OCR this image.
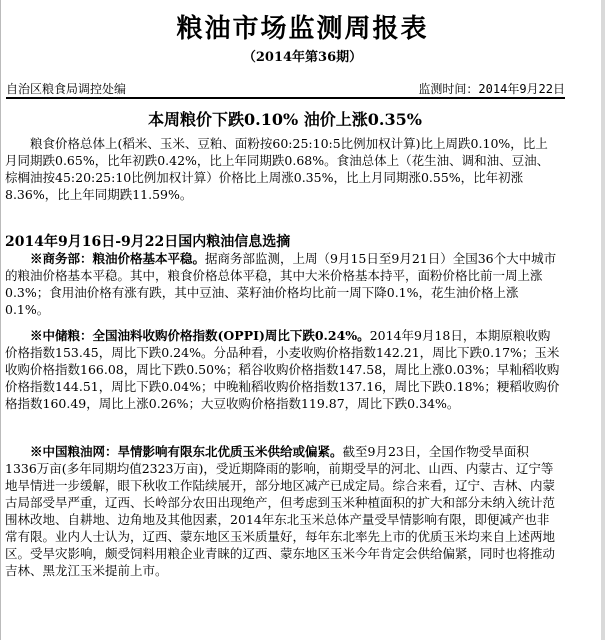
粮油市场监测周报表
（2014年第36期）
自治区粮食局调控处编	监测时间：2014年9月22日
本周粮价下跌0.10% 油价上涨0.35%
粮食价格总体上(稻米、玉米、豆粕、面粉按60:25:10:5比例加权计算)比上周跌0.10%，比上月同期跌0.65%，比年初跌0.42%，比上年同期跌0.68%。食油总体上（花生油、调和油、豆油、棕榈油按45:20:25:10比例加权计算）价格比上周涨0.35%，比上月同期涨0.55%，比年初涨8.36%，比上年同期跌11.59%。
2014年9月16日-9月22日国内粮油信息选摘
※商务部：粮油价格基本平稳。据商务部监测，上周（9月15日至9月21日）全国36个大中城市的粮油价格基本平稳。其中，粮食价格总体平稳，其中大米价格基本持平，面粉价格比前一周上涨0.3%；食用油价格有涨有跌，其中豆油、菜籽油价格均比前一周下降0.1%，花生油价格上涨0.1%。
※中储粮：全国油料收购价格指数(OPPI)周比下跌0.24%。2014年9月18日，本期原粮收购价格指数153.45，周比下跌0.24%。分品种看，小麦收购价格指数142.21，周比下跌0.17%；玉米收购价格指数166.08，周比下跌0.50%；稻谷收购价格指数147.58，周比上涨0.03%；早籼稻收购价格指数144.51，周比下跌0.04%；中晚籼稻收购价格指数137.16，周比下跌0.18%；粳稻收购价格指数160.49，周比上涨0.26%；大豆收购价格指数119.87，周比下跌0.34%。
※中国粮油网：旱情影响有限东北优质玉米供给或偏紧。截至9月23日，全国作物受旱面积1336万亩(多年同期均值2323万亩)，受近期降雨的影响，前期受旱的河北、山西、内蒙古、辽宁等地旱情进一步缓解，眼下秋收工作陆续展开，部分地区减产已成定局。综合来看，辽宁、吉林、内蒙古局部受旱严重，辽西、长岭部分农田出现绝产，但考虑到玉米种植面积的扩大和部分未纳入统计范围林改地、自耕地、边角地及其他因素，2014年东北玉米总体产量受旱情影响有限，即便减产也非常有限。业内人士认为，辽西、蒙东地区玉米质量好，每年东北率先上市的优质玉米均来自上述两地区。受旱灾影响，颇受饲料用粮企业青睐的辽西、蒙东地区玉米今年肯定会供给偏紧，同时也将推动吉林、黑龙江玉米提前上市。
